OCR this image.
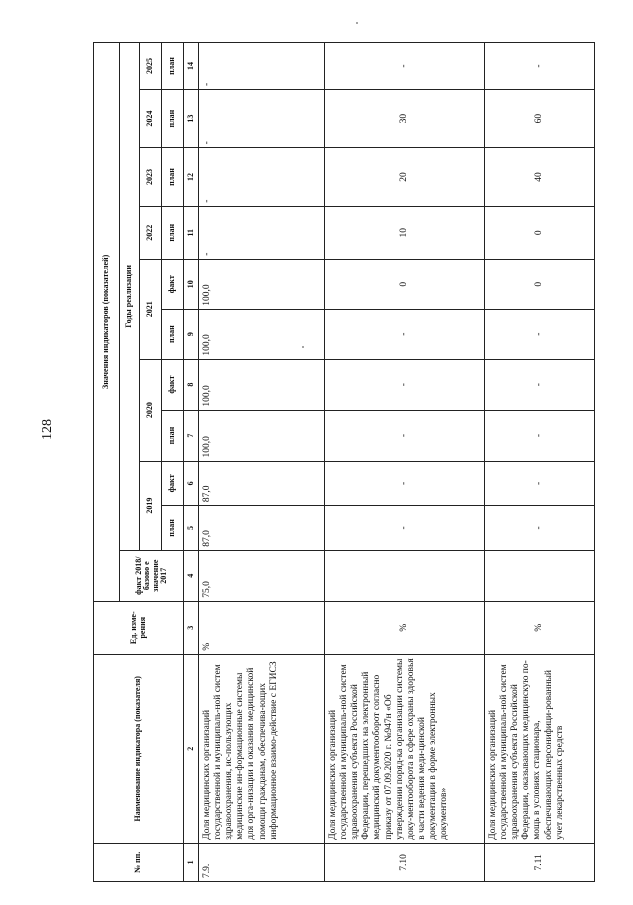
128
№ пп.	Наименование индикатора (показателя)	Ед. изме-рения	Значения индикаторов (показателей)										
			факт 2018/базово е значение 2017	Годы реализации									
				2019		2020		2021		2022	2023	2024	2025
				план	факт	план	факт	план	факт	план	план	план	план
1	2	3	4	5	6	7	8	9	10	11	12	13	14
7.9.	Доля медицинских организаций государственной и муниципаль-ной систем здравоохранения, ис-пользующих медицинские ин-формационные системы для орга-низации и оказания медицинской помощи гражданам, обеспечива-ющих информационное взаимо-действие с ЕГИСЗ	%	75,0	87,0	87,0	100,0	100,0	100,0	100,0	-	-	-	-
7.10	Доля медицинских организаций государственной и муниципаль-ной систем здравоохранения субъекта Российской Федерации, перешедших на электронный медицинский документооборот согласно приказу от 07.09.2020 г. №947н «Об утверждении поряд-ка организации системы доку-ментооборота в сфере охраны здоровья в части ведения меди-цинской документации в форме электронных документов»	%		-	-	-	-	-	0	10	20	30	-
7.11	Доля медицинских организаций государственной и муниципаль-ной систем здравоохранения субъекта Российской Федерации, оказывающих медицинскую по-мощь в условиях стационара, обеспечивающих персонифици-рованный учет лекарственных средств	%		-	-	-	-	-	0	0	40	60	-
